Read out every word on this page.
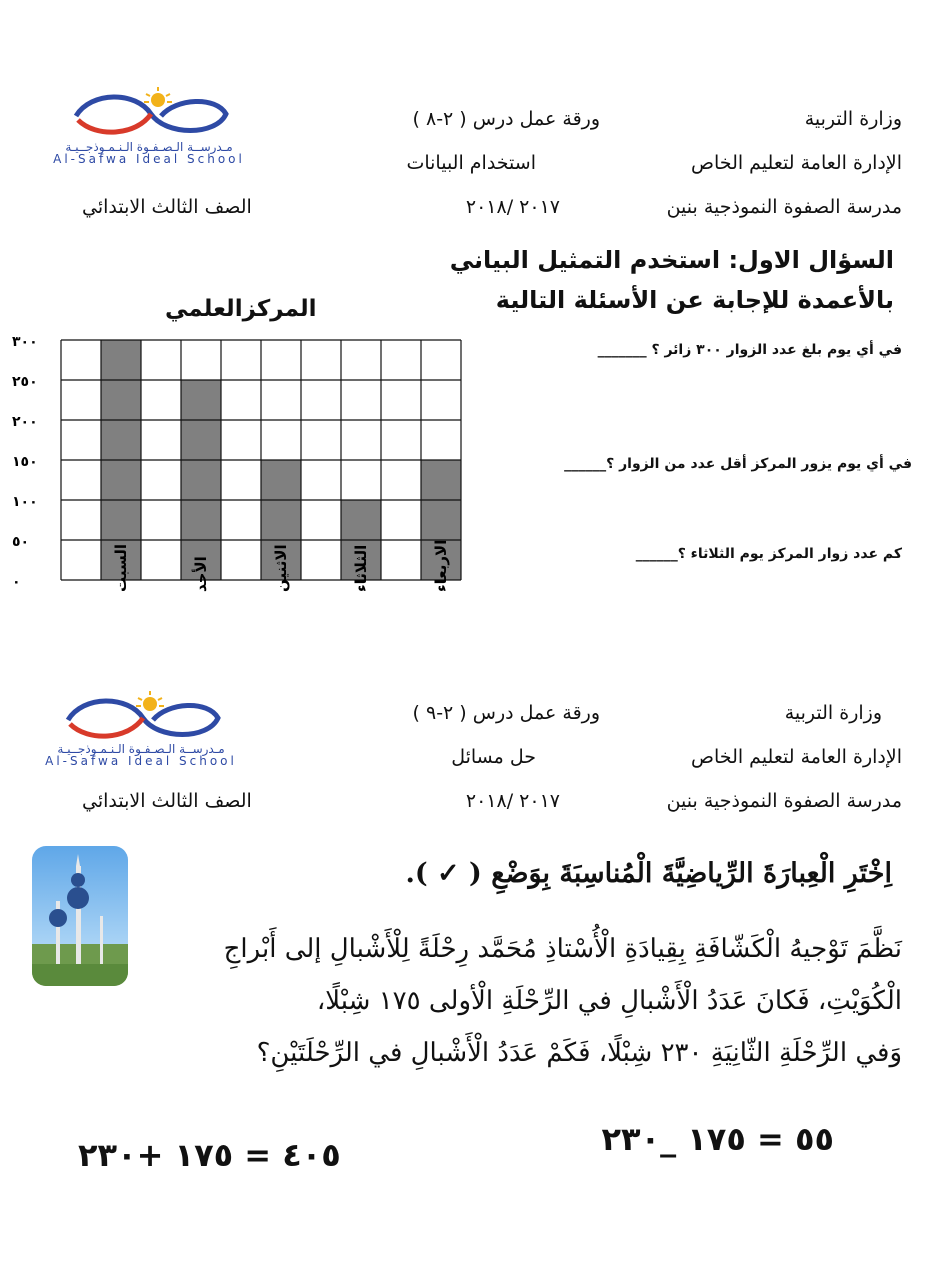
مـدرســة الـصـفـوة الـنـمـوذجــيـة
Al-Safwa Ideal School
وزارة التربية
الإدارة العامة لتعليم الخاص
مدرسة الصفوة النموذجية بنين
ورقة عمل درس ( ٢-٨ )
استخدام البيانات
٢٠١٧ /٢٠١٨
الصف الثالث الابتدائي
السؤال الاول: استخدم التمثيل البياني
بالأعمدة للإجابة عن الأسئلة التالية
في أي يوم بلغ عدد الزوار ٣٠٠ زائر ؟ _______
في أي يوم يزور المركز أقل عدد من الزوار ؟______
كم عدد زوار المركز يوم الثلاثاء ؟______
المركزالعلمي
٣٠٠
٢٥٠
٢٠٠
١٥٠
١٠٠
٥٠
٠	السبت	الأحد	الاثنين	الثلاثاء	الاربعاء
مـدرســة الـصـفـوة الـنـمـوذجــيـة
Al-Safwa Ideal School
وزارة التربية
الإدارة العامة لتعليم الخاص
مدرسة الصفوة النموذجية بنين
ورقة عمل درس ( ٢-٩ )
حل مسائل
٢٠١٧ /٢٠١٨
الصف الثالث الابتدائي
اِخْتَرِ الْعِبارَةَ الرِّياضِيَّةَ الْمُناسِبَةَ بِوَضْعِ ( ✓ ).
نَظَّمَ تَوْجيهُ الْكَشّافَةِ بِقِيادَةِ الْأُسْتاذِ مُحَمَّد رِحْلَةً لِلْأَشْبالِ إلى أَبْراجِ
الْكُوَيْتِ، فَكانَ عَدَدُ الْأَشْبالِ في الرِّحْلَةِ الْأولى ١٧٥ شِبْلًا،
وَفي الرِّحْلَةِ الثّانِيَةِ ٢٣٠ شِبْلًا، فَكَمْ عَدَدُ الْأَشْبالِ في الرِّحْلَتَيْنِ؟
٥٥ = ١٧٥ _٢٣٠
٤٠٥ = ١٧٥ +٢٣٠
